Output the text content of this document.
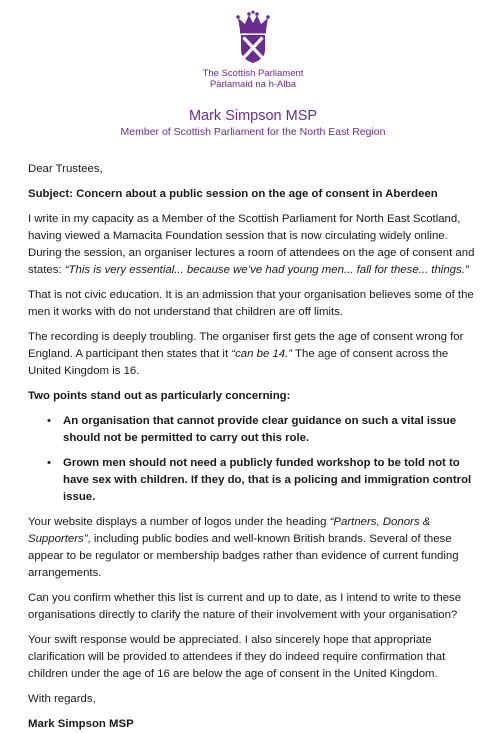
The Scottish Parliament
Pàrlamaid na h-Alba
Mark Simpson MSP
Member of Scottish Parliament for the North East Region

Dear Trustees,

Subject: Concern about a public session on the age of consent in Aberdeen

I write in my capacity as a Member of the Scottish Parliament for North East Scotland, having viewed a Mamacita Foundation session that is now circulating widely online. During the session, an organiser lectures a room of attendees on the age of consent and states: “This is very essential... because we’ve had young men... fall for these... things.”

That is not civic education. It is an admission that your organisation believes some of the men it works with do not understand that children are off limits.

The recording is deeply troubling. The organiser first gets the age of consent wrong for England. A participant then states that it “can be 14.” The age of consent across the United Kingdom is 16.

Two points stand out as particularly concerning:

• An organisation that cannot provide clear guidance on such a vital issue should not be permitted to carry out this role.
• Grown men should not need a publicly funded workshop to be told not to have sex with children. If they do, that is a policing and immigration control issue.

Your website displays a number of logos under the heading “Partners, Donors & Supporters”, including public bodies and well-known British brands. Several of these appear to be regulator or membership badges rather than evidence of current funding arrangements.

Can you confirm whether this list is current and up to date, as I intend to write to these organisations directly to clarify the nature of their involvement with your organisation?

Your swift response would be appreciated. I also sincerely hope that appropriate clarification will be provided to attendees if they do indeed require confirmation that children under the age of 16 are below the age of consent in the United Kingdom.

With regards,

Mark Simpson MSP
